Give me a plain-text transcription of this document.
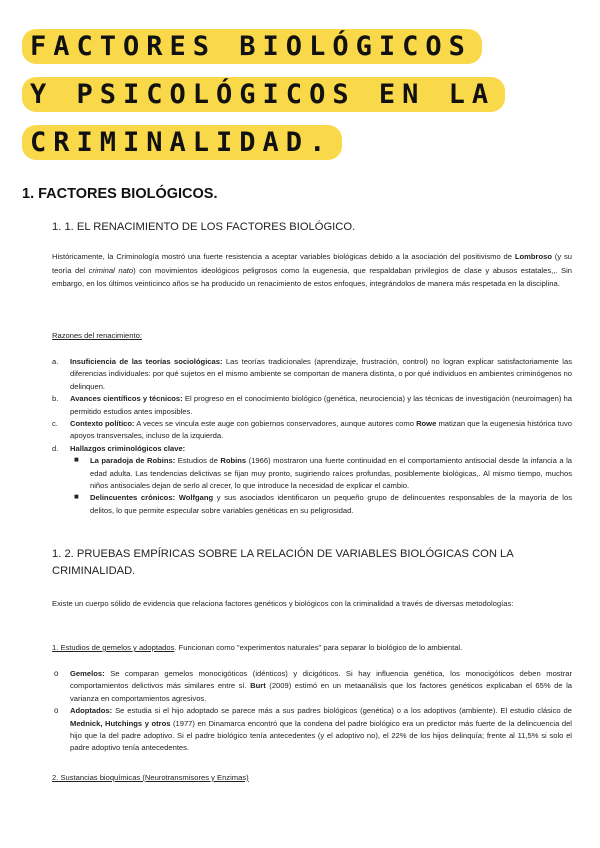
FACTORES BIOLÓGICOS
Y PSICOLÓGICOS EN LA
CRIMINALIDAD.
1. FACTORES BIOLÓGICOS.
1. 1. EL RENACIMIENTO DE LOS FACTORES BIOLÓGICO.
Históricamente, la Criminología mostró una fuerte resistencia a aceptar variables biológicas debido a la asociación del positivismo de Lombroso (y su teoría del criminal nato) con movimientos ideológicos peligrosos como la eugenesia, que respaldaban privilegios de clase y abusos estatales,,. Sin embargo, en los últimos veinticinco años se ha producido un renacimiento de estos enfoques, integrándolos de manera más respetada en la disciplina.
Razones del renacimiento:
a. Insuficiencia de las teorías sociológicas: Las teorías tradicionales (aprendizaje, frustración, control) no logran explicar satisfactoriamente las diferencias individuales: por qué sujetos en el mismo ambiente se comportan de manera distinta, o por qué individuos en ambientes criminógenos no delinquen.
b. Avances científicos y técnicos: El progreso en el conocimiento biológico (genética, neurociencia) y las técnicas de investigación (neuroimagen) ha permitido estudios antes imposibles.
c. Contexto político: A veces se vincula este auge con gobiernos conservadores, aunque autores como Rowe matizan que la eugenesia histórica tuvo apoyos transversales, incluso de la izquierda.
d. Hallazgos criminológicos clave:
■ La paradoja de Robins: Estudios de Robins (1966) mostraron una fuerte continuidad en el comportamiento antisocial desde la infancia a la edad adulta. Las tendencias delictivas se fijan muy pronto, sugiriendo raíces profundas, posiblemente biológicas,. Al mismo tiempo, muchos niños antisociales dejan de serlo al crecer, lo que introduce la necesidad de explicar el cambio.
■ Delincuentes crónicos: Wolfgang y sus asociados identificaron un pequeño grupo de delincuentes responsables de la mayoría de los delitos, lo que permite especular sobre variables genéticas en su peligrosidad.
1. 2. PRUEBAS EMPÍRICAS SOBRE LA RELACIÓN DE VARIABLES BIOLÓGICAS CON LA CRIMINALIDAD.
Existe un cuerpo sólido de evidencia que relaciona factores genéticos y biológicos con la criminalidad a través de diversas metodologías:
1. Estudios de gemelos y adoptados. Funcionan como "experimentos naturales" para separar lo biológico de lo ambiental.
o Gemelos: Se comparan gemelos monocigóticos (idénticos) y dicigóticos. Si hay influencia genética, los monocigóticos deben mostrar comportamientos delictivos más similares entre sí. Burt (2009) estimó en un metaanálisis que los factores genéticos explicaban el 65% de la varianza en comportamientos agresivos.
o Adoptados: Se estudia si el hijo adoptado se parece más a sus padres biológicos (genética) o a los adoptivos (ambiente). El estudio clásico de Mednick, Hutchings y otros (1977) en Dinamarca encontró que la condena del padre biológico era un predictor más fuerte de la delincuencia del hijo que la del padre adoptivo. Si el padre biológico tenía antecedentes (y el adoptivo no), el 22% de los hijos delinquía; frente al 11,5% si solo el padre adoptivo tenía antecedentes.
2. Sustancias bioquímicas (Neurotransmisores y Enzimas)
